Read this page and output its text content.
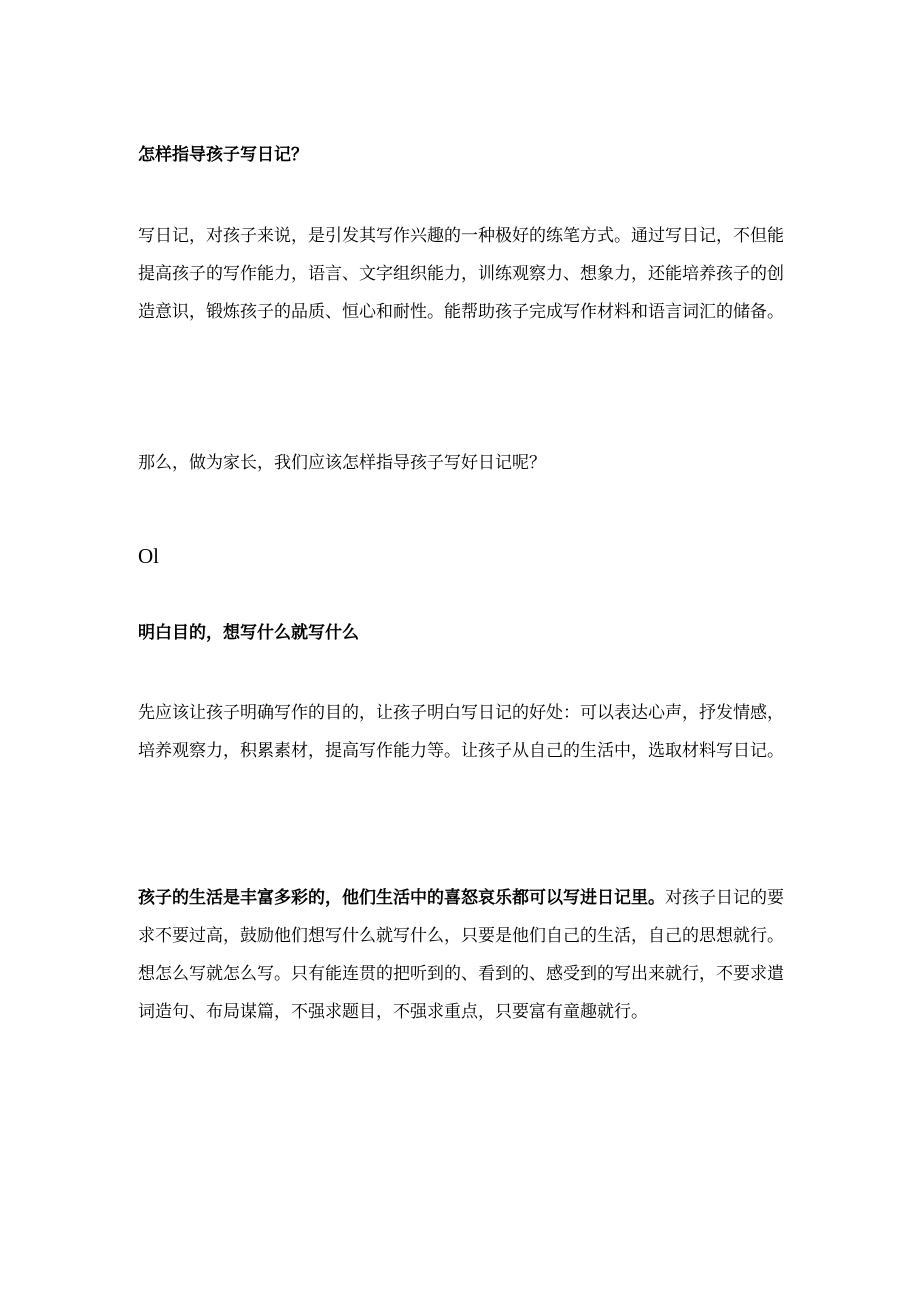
怎样指导孩子写日记？

写日记，对孩子来说，是引发其写作兴趣的一种极好的练笔方式。通过写日记，不但能提高孩子的写作能力，语言、文字组织能力，训练观察力、想象力，还能培养孩子的创造意识，锻炼孩子的品质、恒心和耐性。能帮助孩子完成写作材料和语言词汇的储备。

那么，做为家长，我们应该怎样指导孩子写好日记呢？

Ol

明白目的，想写什么就写什么

先应该让孩子明确写作的目的，让孩子明白写日记的好处：可以表达心声，抒发情感，培养观察力，积累素材，提高写作能力等。让孩子从自己的生活中，选取材料写日记。

孩子的生活是丰富多彩的，他们生活中的喜怒哀乐都可以写进日记里。对孩子日记的要求不要过高，鼓励他们想写什么就写什么，只要是他们自己的生活，自己的思想就行。想怎么写就怎么写。只有能连贯的把听到的、看到的、感受到的写出来就行，不要求遣词造句、布局谋篇，不强求题目，不强求重点，只要富有童趣就行。
